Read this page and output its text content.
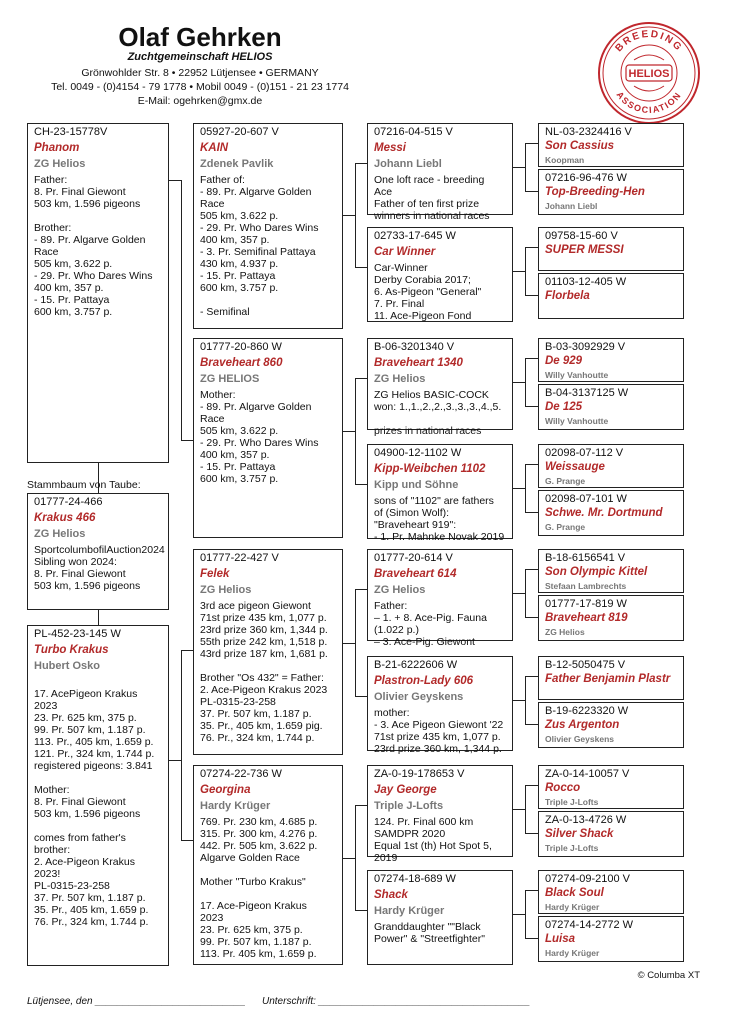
Olaf Gehrken
Zuchtgemeinschaft HELIOS
Grönwohlder Str. 8 • 22952 Lütjensee • GERMANY
Tel. 0049 - (0)4154 - 79 1778 • Mobil 0049 - (0)151 - 21 23 1774
E-Mail: ogehrken@gmx.de
BREEDING
ASSOCIATION
HELIOS
CH-23-15778V
Phanom
ZG Helios
Father:
8. Pr. Final Giewont
503 km, 1.596 pigeons

Brother:
- 89. Pr. Algarve Golden
Race
505 km, 3.622 p.
- 29. Pr. Who Dares Wins
400 km, 357 p.
- 15. Pr. Pattaya
600 km, 3.757 p.
01777-24-466
Krakus 466
ZG Helios
SportcolumbofilAuction2024
Sibling won 2024:
8. Pr. Final Giewont
503 km, 1.596 pigeons
PL-452-23-145 W
Turbo Krakus
Hubert Osko

17. AcePigeon Krakus 2023
23. Pr. 625 km, 375 p.
99. Pr. 507 km, 1.187 p.
113. Pr., 405 km, 1.659 p.
121. Pr., 324 km, 1.744 p.
registered pigeons: 3.841

Mother:
8. Pr. Final Giewont
503 km, 1.596 pigeons

comes from father's
brother:
2. Ace-Pigeon Krakus 2023!
PL-0315-23-258
37. Pr. 507 km, 1.187 p.
35. Pr., 405 km, 1.659 p.
76. Pr., 324 km, 1.744 p.
05927-20-607 V
KAIN
Zdenek Pavlik
Father of:
- 89. Pr. Algarve Golden
Race
505 km, 3.622 p.
- 29. Pr. Who Dares Wins
400 km, 357 p.
- 3. Pr. Semifinal Pattaya
430 km, 4.937 p.
- 15. Pr. Pattaya
600 km, 3.757 p.

- Semifinal
01777-20-860 W
Braveheart 860
ZG HELIOS
Mother:
- 89. Pr. Algarve Golden
Race
505 km, 3.622 p.
- 29. Pr. Who Dares Wins
400 km, 357 p.
- 15. Pr. Pattaya
600 km, 3.757 p.
01777-22-427 V
Felek
ZG Helios
3rd ace pigeon Giewont
71st prize 435 km, 1,077 p.
23rd prize 360 km, 1,344 p.
55th prize 242 km, 1,518 p.
43rd prize 187 km, 1,681 p.

Brother "Os 432" = Father:
2. Ace-Pigeon Krakus 2023
PL-0315-23-258
37. Pr. 507 km, 1.187 p.
35. Pr., 405 km, 1.659 pig.
76. Pr., 324 km, 1.744 p.
07274-22-736 W
Georgina
Hardy Krüger
769. Pr. 230 km, 4.685 p.
315. Pr. 300 km, 4.276 p.
442. Pr. 505 km, 3.622 p.
Algarve Golden Race

Mother "Turbo Krakus"

17. Ace-Pigeon Krakus
2023
23. Pr. 625 km, 375 p.
99. Pr. 507 km, 1.187 p.
113. Pr. 405 km, 1.659 p.
07216-04-515 V
Messi
Johann Liebl
One loft race - breeding
Ace
Father of ten first prize
winners in national races
02733-17-645 W
Car Winner
Car-Winner
Derby Corabia 2017;
6. As-Pigeon "General"
7. Pr. Final
11. Ace-Pigeon Fond
B-06-3201340 V
Braveheart 1340
ZG Helios
ZG Helios BASIC-COCK
won: 1.,1.,2.,2.,3.,3.,3.,4.,5.

prizes in national races
04900-12-1102 W
Kipp-Weibchen 1102
Kipp und Söhne
sons of "1102" are fathers
of (Simon Wolf):
"Braveheart 919":
- 1. Pr. Mahnke Novak 2019
01777-20-614 V
Braveheart 614
ZG Helios
Father:
– 1. + 8. Ace-Pig. Fauna
(1.022 p.)
– 3. Ace-Pig. Giewont
B-21-6222606 W
Plastron-Lady 606
Olivier Geyskens
mother:
- 3. Ace Pigeon Giewont '22
71st prize 435 km, 1,077 p.
23rd prize 360 km, 1,344 p.
ZA-0-19-178653 V
Jay George
Triple J-Lofts
124. Pr. Final 600 km
SAMDPR 2020
Equal 1st (th) Hot Spot 5,
2019
07274-18-689 W
Shack
Hardy Krüger
Granddaughter ""Black
Power" & "Streetfighter"
NL-03-2324416 V
Son Cassius
Koopman
07216-96-476 W
Top-Breeding-Hen
Johann Liebl
09758-15-60 V
SUPER MESSI
01103-12-405 W
Florbela
B-03-3092929 V
De 929
Willy Vanhoutte
B-04-3137125 W
De 125
Willy Vanhoutte
02098-07-112 V
Weissauge
G. Prange
02098-07-101 W
Schwe. Mr. Dortmund
G. Prange
B-18-6156541 V
Son Olympic Kittel
Stefaan Lambrechts
01777-17-819 W
Braveheart 819
ZG Helios
B-12-5050475 V
Father Benjamin Plastr
B-19-6223320 W
Zus Argenton
Olivier Geyskens
ZA-0-14-10057 V
Rocco
Triple J-Lofts
ZA-0-13-4726 W
Silver Shack
Triple J-Lofts
07274-09-2100 V
Black Soul
Hardy Krüger
07274-14-2772 W
Luisa
Hardy Krüger
Stammbaum von Taube:
© Columba XT
Lütjensee, den ___________________________ Unterschrift: ______________________________________
